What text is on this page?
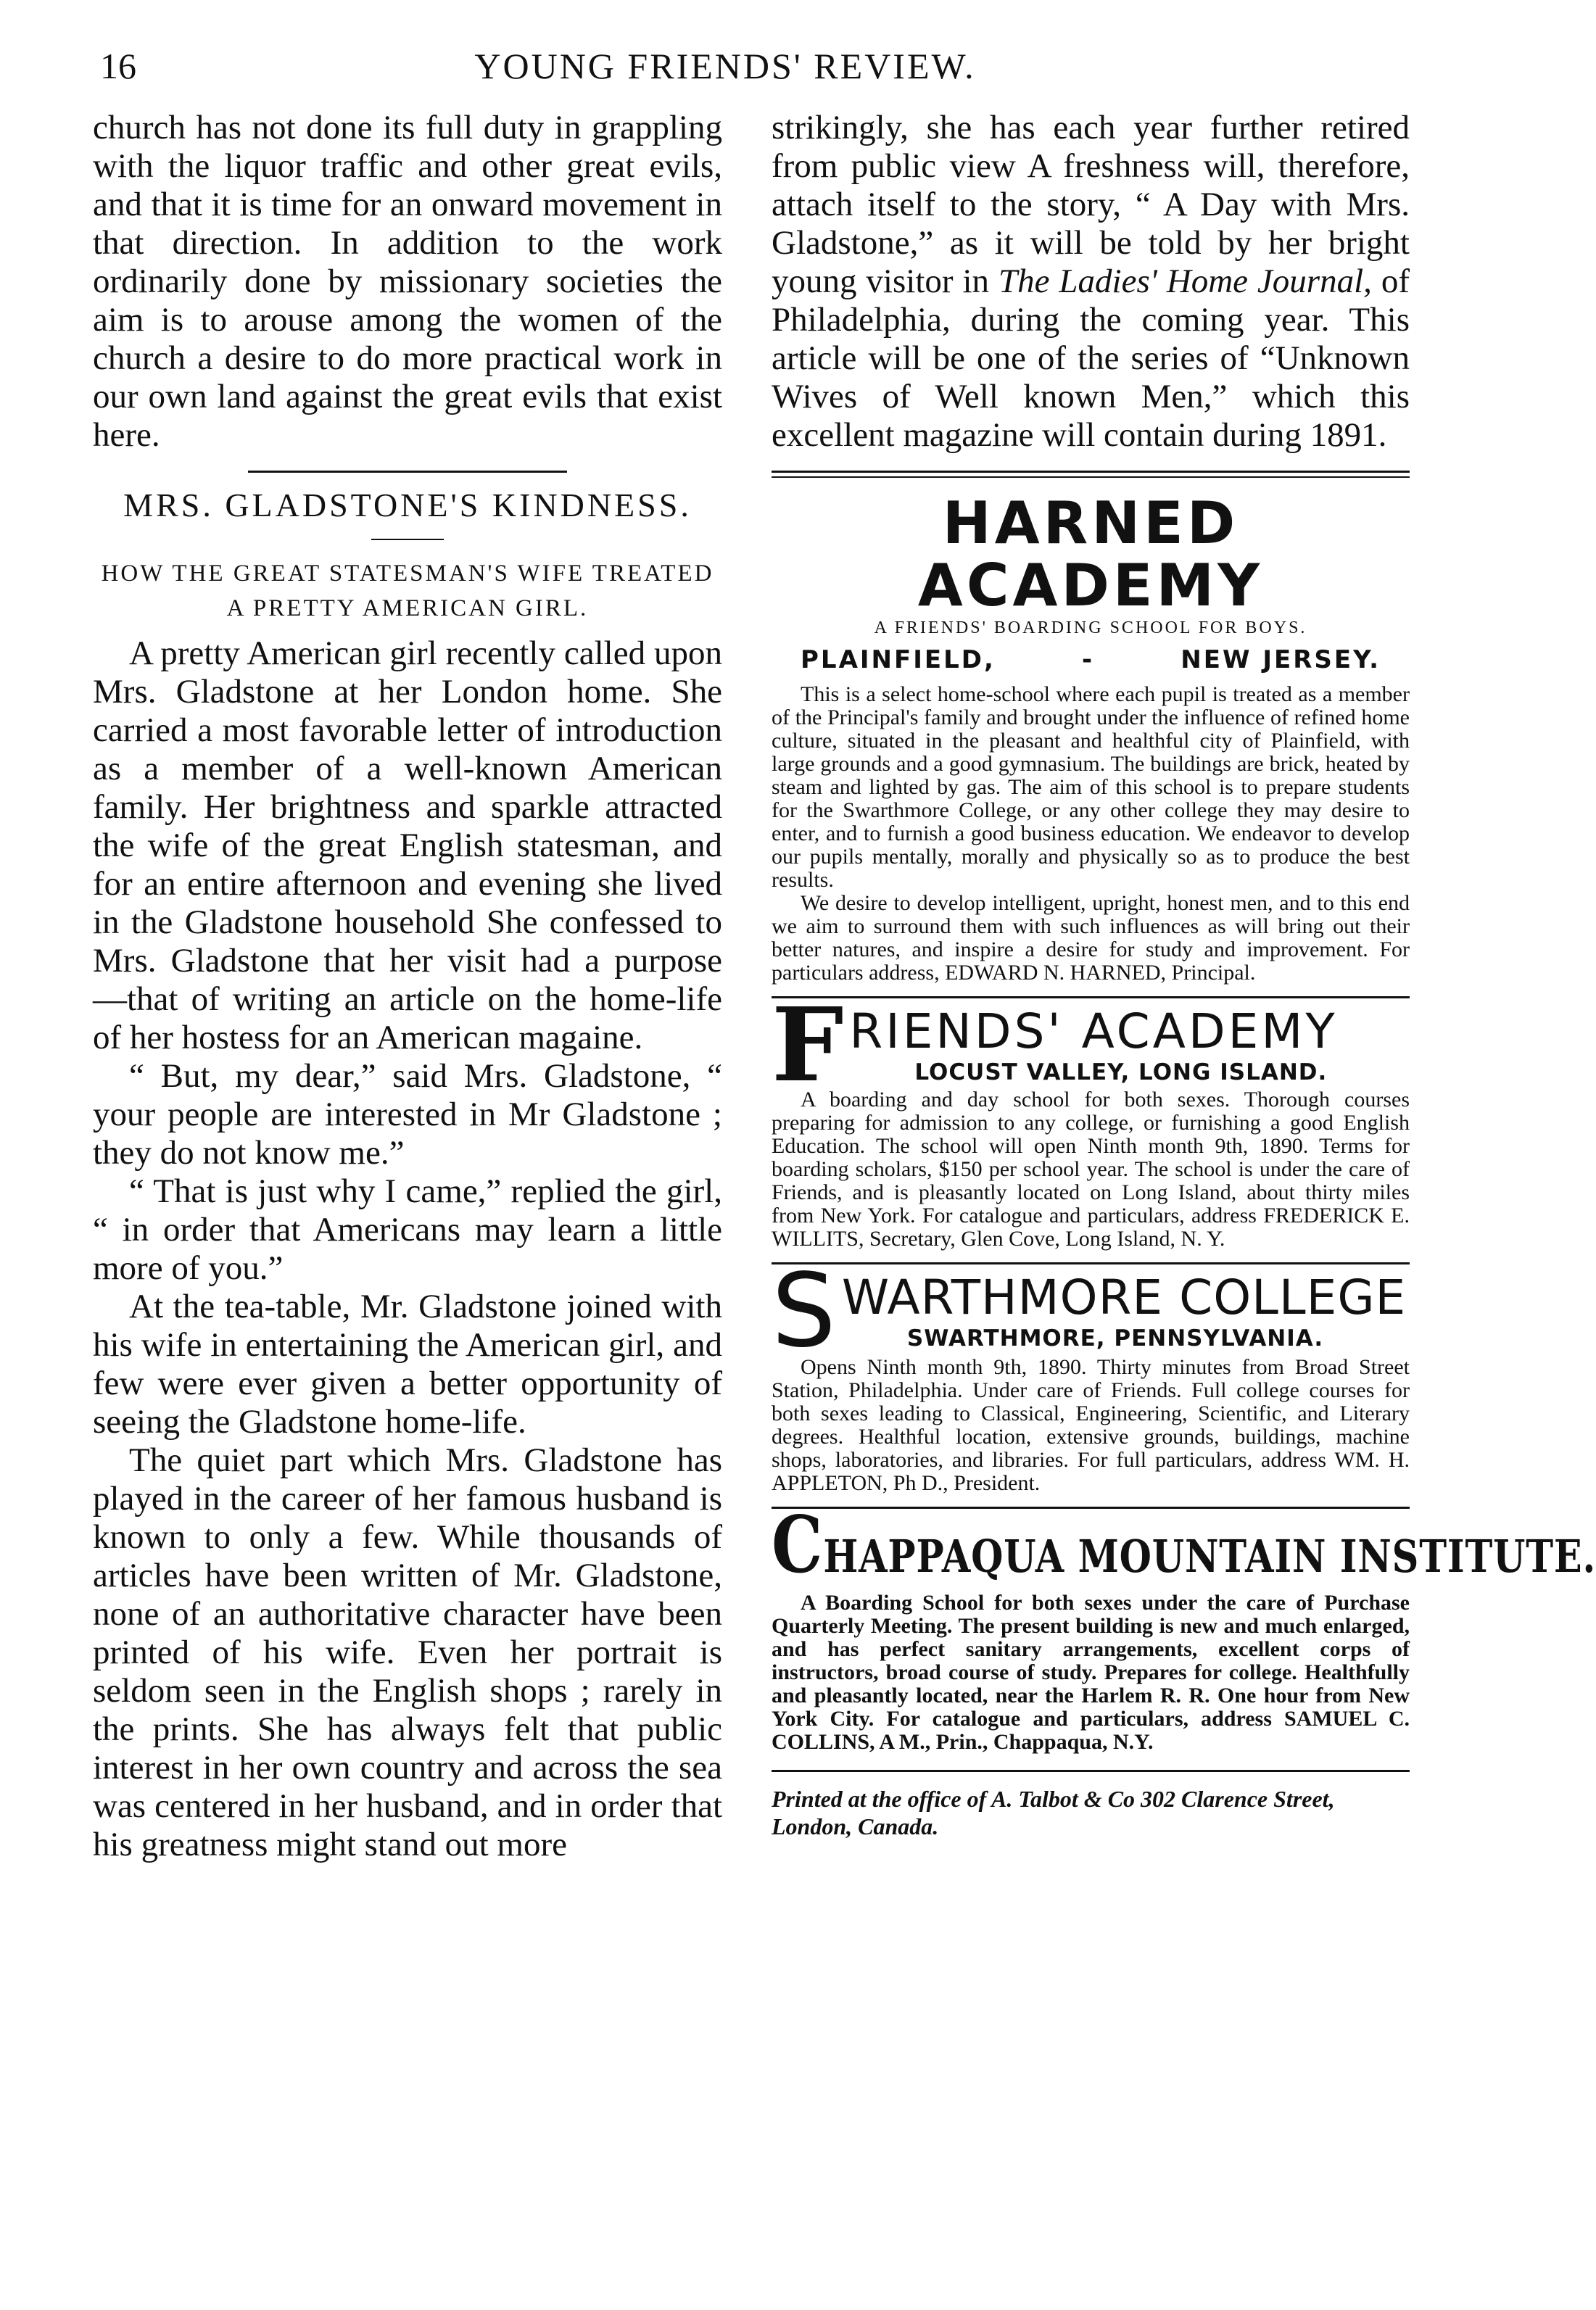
16	YOUNG FRIENDS' REVIEW.

church has not done its full duty in grappling with the liquor traffic and other great evils, and that it is time for an onward movement in that direction. In addition to the work ordinarily done by missionary societies the aim is to arouse among the women of the church a desire to do more practical work in our own land against the great evils that exist here.

MRS. GLADSTONE'S KINDNESS.
HOW THE GREAT STATESMAN'S WIFE TREATED A PRETTY AMERICAN GIRL.

A pretty American girl recently called upon Mrs. Gladstone at her London home. She carried a most favorable letter of introduction as a member of a well-known American family. Her brightness and sparkle attracted the wife of the great English statesman, and for an entire afternoon and evening she lived in the Gladstone household She confessed to Mrs. Gladstone that her visit had a purpose —that of writing an article on the home-life of her hostess for an American magaine.

“ But, my dear,” said Mrs. Gladstone, “ your people are interested in Mr Gladstone ; they do not know me.”

“ That is just why I came,” replied the girl, “ in order that Americans may learn a little more of you.”

At the tea-table, Mr. Gladstone joined with his wife in entertaining the American girl, and few were ever given a better opportunity of seeing the Gladstone home-life.

The quiet part which Mrs. Gladstone has played in the career of her famous husband is known to only a few. While thousands of articles have been written of Mr. Gladstone, none of an authoritative character have been printed of his wife. Even her portrait is seldom seen in the English shops ; rarely in the prints. She has always felt that public interest in her own country and across the sea was centered in her husband, and in order that his greatness might stand out more

strikingly, she has each year further retired from public view A freshness will, therefore, attach itself to the story, “ A Day with Mrs. Gladstone,” as it will be told by her bright young visitor in The Ladies' Home Journal, of Philadelphia, during the coming year. This article will be one of the series of “Unknown Wives of Well known Men,” which this excellent magazine will contain during 1891.

HARNED ACADEMY
A FRIENDS' BOARDING SCHOOL FOR BOYS.
PLAINFIELD,	-	NEW JERSEY.

This is a select home-school where each pupil is treated as a member of the Principal's family and brought under the influence of refined home culture, situated in the pleasant and healthful city of Plainfield, with large grounds and a good gymnasium. The buildings are brick, heated by steam and lighted by gas. The aim of this school is to prepare students for the Swarthmore College, or any other college they may desire to enter, and to furnish a good business education. We endeavor to develop our pupils mentally, morally and physically so as to produce the best results.

We desire to develop intelligent, upright, honest men, and to this end we aim to surround them with such influences as will bring out their better natures, and inspire a desire for study and improvement. For particulars address, EDWARD N. HARNED, Principal.

F RIENDS' ACADEMY
LOCUST VALLEY, LONG ISLAND.

A boarding and day school for both sexes. Thorough courses preparing for admission to any college, or furnishing a good English Education. The school will open Ninth month 9th, 1890. Terms for boarding scholars, $150 per school year. The school is under the care of Friends, and is pleasantly located on Long Island, about thirty miles from New York. For catalogue and particulars, address FREDERICK E. WILLITS, Secretary, Glen Cove, Long Island, N. Y.

S WARTHMORE COLLEGE
SWARTHMORE, PENNSYLVANIA.

Opens Ninth month 9th, 1890. Thirty minutes from Broad Street Station, Philadelphia. Under care of Friends. Full college courses for both sexes leading to Classical, Engineering, Scientific, and Literary degrees. Healthful location, extensive grounds, buildings, machine shops, laboratories, and libraries. For full particulars, address WM. H. APPLETON, Ph D., President.

CHAPPAQUA MOUNTAIN INSTITUTE.

A Boarding School for both sexes under the care of Purchase Quarterly Meeting. The present building is new and much enlarged, and has perfect sanitary arrangements, excellent corps of instructors, broad course of study. Prepares for college. Healthfully and pleasantly located, near the Harlem R. R. One hour from New York City. For catalogue and particulars, address SAMUEL C. COLLINS, A M., Prin., Chappaqua, N.Y.

Printed at the office of A. Talbot & Co 302 Clarence Street, London, Canada.
